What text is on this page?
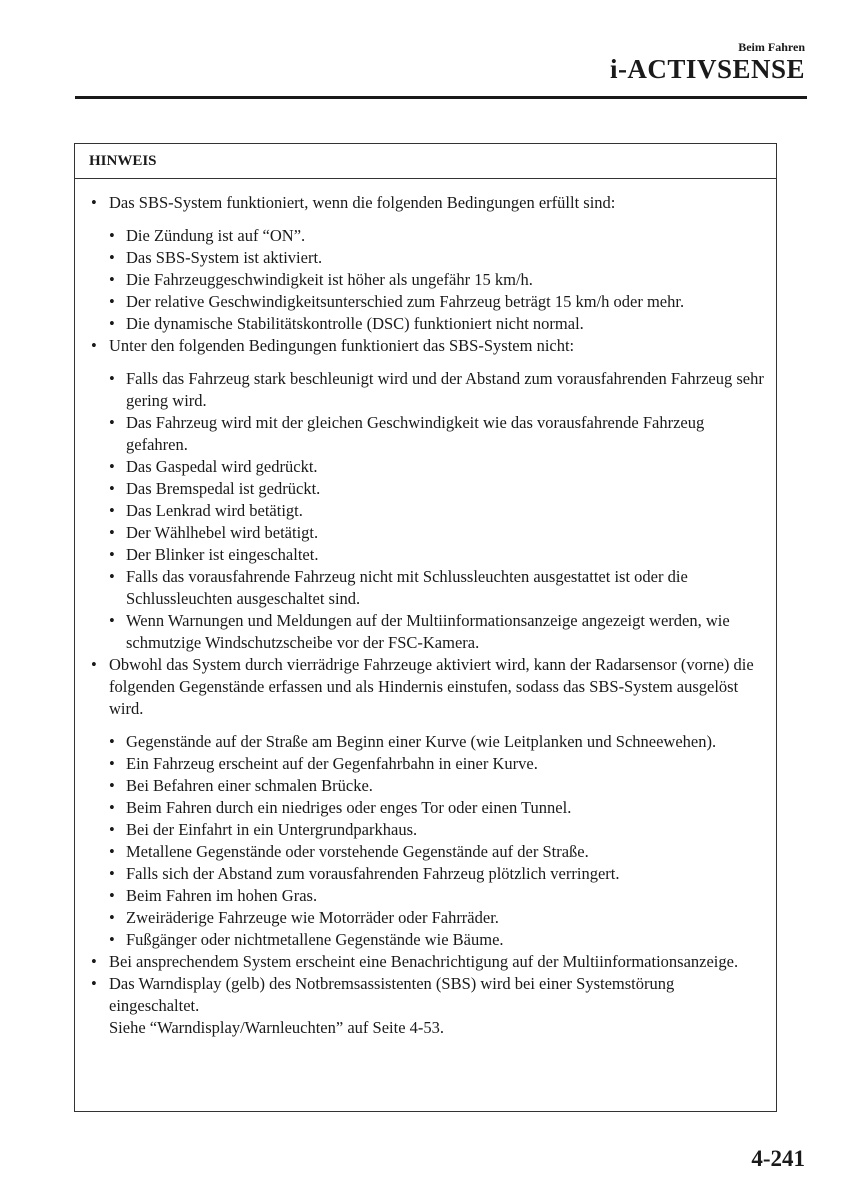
Beim Fahren
i-ACTIVSENSE
HINWEIS
• Das SBS-System funktioniert, wenn die folgenden Bedingungen erfüllt sind:
• Die Zündung ist auf “ON”.
• Das SBS-System ist aktiviert.
• Die Fahrzeuggeschwindigkeit ist höher als ungefähr 15 km/h.
• Der relative Geschwindigkeitsunterschied zum Fahrzeug beträgt 15 km/h oder mehr.
• Die dynamische Stabilitätskontrolle (DSC) funktioniert nicht normal.
• Unter den folgenden Bedingungen funktioniert das SBS-System nicht:
• Falls das Fahrzeug stark beschleunigt wird und der Abstand zum vorausfahrenden Fahrzeug sehr gering wird.
• Das Fahrzeug wird mit der gleichen Geschwindigkeit wie das vorausfahrende Fahrzeug gefahren.
• Das Gaspedal wird gedrückt.
• Das Bremspedal ist gedrückt.
• Das Lenkrad wird betätigt.
• Der Wählhebel wird betätigt.
• Der Blinker ist eingeschaltet.
• Falls das vorausfahrende Fahrzeug nicht mit Schlussleuchten ausgestattet ist oder die Schlussleuchten ausgeschaltet sind.
• Wenn Warnungen und Meldungen auf der Multiinformationsanzeige angezeigt werden, wie schmutzige Windschutzscheibe vor der FSC-Kamera.
• Obwohl das System durch vierrädrige Fahrzeuge aktiviert wird, kann der Radarsensor (vorne) die folgenden Gegenstände erfassen und als Hindernis einstufen, sodass das SBS-System ausgelöst wird.
• Gegenstände auf der Straße am Beginn einer Kurve (wie Leitplanken und Schneewehen).
• Ein Fahrzeug erscheint auf der Gegenfahrbahn in einer Kurve.
• Bei Befahren einer schmalen Brücke.
• Beim Fahren durch ein niedriges oder enges Tor oder einen Tunnel.
• Bei der Einfahrt in ein Untergrundparkhaus.
• Metallene Gegenstände oder vorstehende Gegenstände auf der Straße.
• Falls sich der Abstand zum vorausfahrenden Fahrzeug plötzlich verringert.
• Beim Fahren im hohen Gras.
• Zweiräderige Fahrzeuge wie Motorräder oder Fahrräder.
• Fußgänger oder nichtmetallene Gegenstände wie Bäume.
• Bei ansprechendem System erscheint eine Benachrichtigung auf der Multiinformationsanzeige.
• Das Warndisplay (gelb) des Notbremsassistenten (SBS) wird bei einer Systemstörung eingeschaltet.
Siehe “Warndisplay/Warnleuchten” auf Seite 4-53.
4-241
